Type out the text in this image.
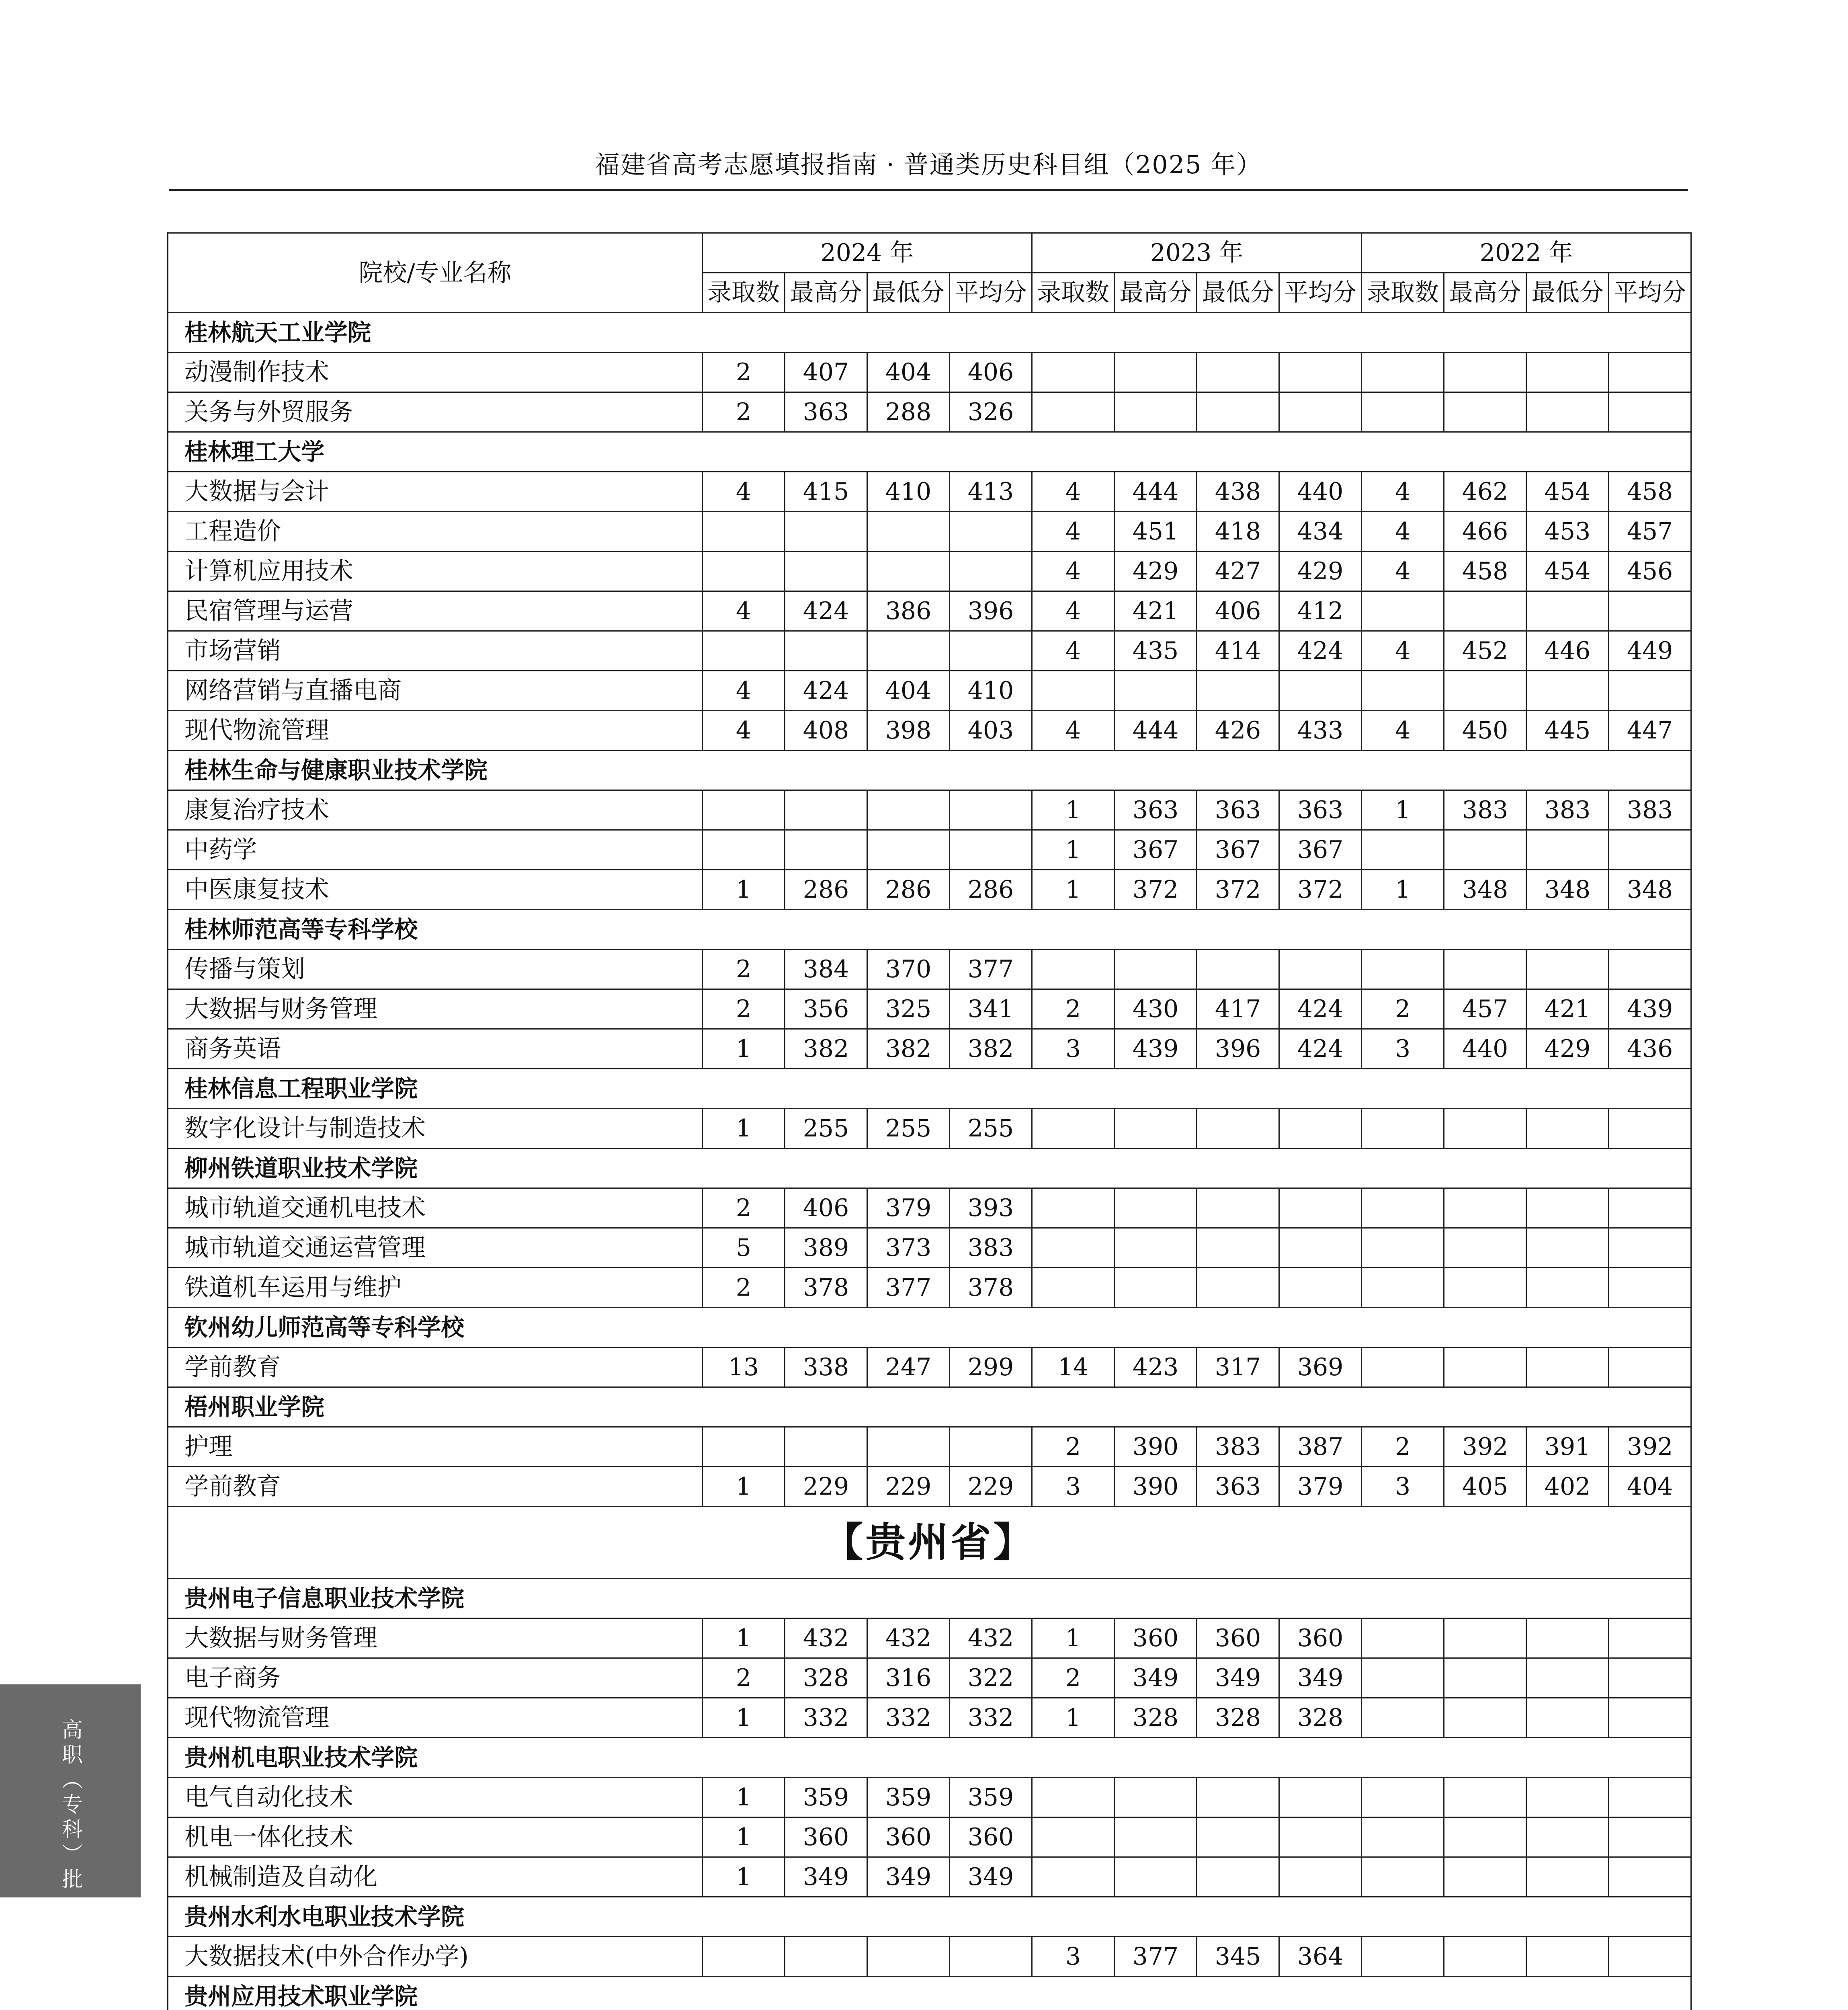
福建省高考志愿填报指南 · 普通类历史科目组（2025 年）
院校/专业名称	2024 年				2023 年				2022 年			
	录取数	最高分	最低分	平均分	录取数	最高分	最低分	平均分	录取数	最高分	最低分	平均分
桂林航天工业学院												
动漫制作技术	2	407	404	406								
关务与外贸服务	2	363	288	326								
桂林理工大学												
大数据与会计	4	415	410	413	4	444	438	440	4	462	454	458
工程造价					4	451	418	434	4	466	453	457
计算机应用技术					4	429	427	429	4	458	454	456
民宿管理与运营	4	424	386	396	4	421	406	412				
市场营销					4	435	414	424	4	452	446	449
网络营销与直播电商	4	424	404	410								
现代物流管理	4	408	398	403	4	444	426	433	4	450	445	447
桂林生命与健康职业技术学院												
康复治疗技术					1	363	363	363	1	383	383	383
中药学					1	367	367	367				
中医康复技术	1	286	286	286	1	372	372	372	1	348	348	348
桂林师范高等专科学校												
传播与策划	2	384	370	377								
大数据与财务管理	2	356	325	341	2	430	417	424	2	457	421	439
商务英语	1	382	382	382	3	439	396	424	3	440	429	436
桂林信息工程职业学院												
数字化设计与制造技术	1	255	255	255								
柳州铁道职业技术学院												
城市轨道交通机电技术	2	406	379	393								
城市轨道交通运营管理	5	389	373	383								
铁道机车运用与维护	2	378	377	378								
钦州幼儿师范高等专科学校												
学前教育	13	338	247	299	14	423	317	369				
梧州职业学院												
护理					2	390	383	387	2	392	391	392
学前教育	1	229	229	229	3	390	363	379	3	405	402	404
【贵州省】												
贵州电子信息职业技术学院												
大数据与财务管理	1	432	432	432	1	360	360	360				
电子商务	2	328	316	322	2	349	349	349				
现代物流管理	1	332	332	332	1	328	328	328				
贵州机电职业技术学院												
电气自动化技术	1	359	359	359								
机电一体化技术	1	360	360	360								
机械制造及自动化	1	349	349	349								
贵州水利水电职业技术学院												
大数据技术(中外合作办学)					3	377	345	364				
贵州应用技术职业学院												

高职（专科）批
